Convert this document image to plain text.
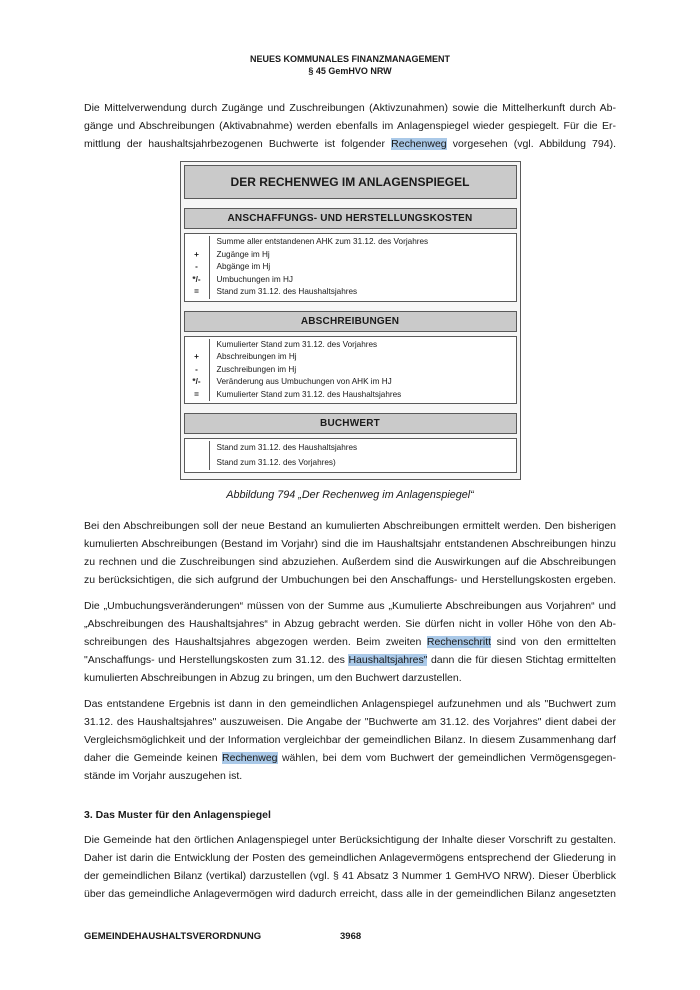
NEUES KOMMUNALES FINANZMANAGEMENT
§ 45 GemHVO NRW
Die Mittelverwendung durch Zugänge und Zuschreibungen (Aktivzunahmen) sowie die Mittelherkunft durch Ab-
gänge und Abschreibungen (Aktivabnahme) werden ebenfalls im Anlagenspiegel wieder gespiegelt. Für die Er-
mittlung der haushaltsjahrbezogenen Buchwerte ist folgender Rechenweg vorgesehen (vgl. Abbildung 794).
DER RECHENWEG IM ANLAGENSPIEGEL
ANSCHAFFUNGS- UND HERSTELLUNGSKOSTEN
Summe aller entstandenen AHK zum 31.12. des Vorjahres
+	Zugänge im Hj
-	Abgänge im Hj
*/-	Umbuchungen im HJ
=	Stand zum 31.12. des Haushaltsjahres
ABSCHREIBUNGEN
Kumulierter Stand zum 31.12. des Vorjahres
+	Abschreibungen im Hj
-	Zuschreibungen im Hj
*/-	Veränderung aus Umbuchungen von AHK im HJ
=	Kumulierter Stand zum 31.12. des Haushaltsjahres
BUCHWERT
Stand zum 31.12. des Haushaltsjahres
Stand zum 31.12. des Vorjahres)
Abbildung 794 „Der Rechenweg im Anlagenspiegel“
Bei den Abschreibungen soll der neue Bestand an kumulierten Abschreibungen ermittelt werden. Den bisherigen
kumulierten Abschreibungen (Bestand im Vorjahr) sind die im Haushaltsjahr entstandenen Abschreibungen hinzu
zu rechnen und die Zuschreibungen sind abzuziehen. Außerdem sind die Auswirkungen auf die Abschreibungen
zu berücksichtigen, die sich aufgrund der Umbuchungen bei den Anschaffungs- und Herstellungskosten ergeben.
Die „Umbuchungsveränderungen“ müssen von der Summe aus „Kumulierte Abschreibungen aus Vorjahren“ und
„Abschreibungen des Haushaltsjahres“ in Abzug gebracht werden. Sie dürfen nicht in voller Höhe von den Ab-
schreibungen des Haushaltsjahres abgezogen werden. Beim zweiten Rechenschritt sind von den ermittelten
"Anschaffungs- und Herstellungskosten zum 31.12. des Haushaltsjahres" dann die für diesen Stichtag ermittelten
kumulierten Abschreibungen in Abzug zu bringen, um den Buchwert darzustellen.
Das entstandene Ergebnis ist dann in den gemeindlichen Anlagenspiegel aufzunehmen und als "Buchwert zum
31.12. des Haushaltsjahres" auszuweisen. Die Angabe der "Buchwerte am 31.12. des Vorjahres" dient dabei der
Vergleichsmöglichkeit und der Information vergleichbar der gemeindlichen Bilanz. In diesem Zusammenhang darf
daher die Gemeinde keinen Rechenweg wählen, bei dem vom Buchwert der gemeindlichen Vermögensgegen-
stände im Vorjahr auszugehen ist.
3. Das Muster für den Anlagenspiegel
Die Gemeinde hat den örtlichen Anlagenspiegel unter Berücksichtigung der Inhalte dieser Vorschrift zu gestalten.
Daher ist darin die Entwicklung der Posten des gemeindlichen Anlagevermögens entsprechend der Gliederung in
der gemeindlichen Bilanz (vertikal) darzustellen (vgl. § 41 Absatz 3 Nummer 1 GemHVO NRW). Dieser Überblick
über das gemeindliche Anlagevermögen wird dadurch erreicht, dass alle in der gemeindlichen Bilanz angesetzten
GEMEINDEHAUSHALTSVERORDNUNG	3968
